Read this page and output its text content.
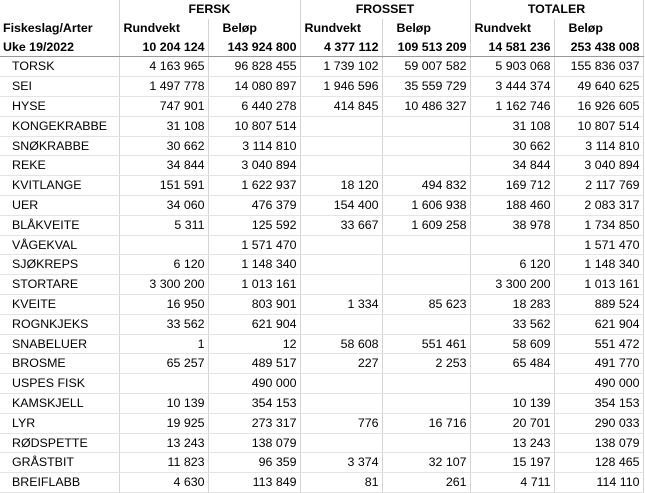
	FERSK		FROSSET		TOTALER	
Fiskeslag/Arter	Rundvekt	Beløp	Rundvekt	Beløp	Rundvekt	Beløp
Uke 19/2022	10 204 124	143 924 800	4 377 112	109 513 209	14 581 236	253 438 008
TORSK	4 163 965	96 828 455	1 739 102	59 007 582	5 903 068	155 836 037
SEI	1 497 778	14 080 897	1 946 596	35 559 729	3 444 374	49 640 625
HYSE	747 901	6 440 278	414 845	10 486 327	1 162 746	16 926 605
KONGEKRABBE	31 108	10 807 514			31 108	10 807 514
SNØKRABBE	30 662	3 114 810			30 662	3 114 810
REKE	34 844	3 040 894			34 844	3 040 894
KVITLANGE	151 591	1 622 937	18 120	494 832	169 712	2 117 769
UER	34 060	476 379	154 400	1 606 938	188 460	2 083 317
BLÅKVEITE	5 311	125 592	33 667	1 609 258	38 978	1 734 850
VÅGEKVAL		1 571 470				1 571 470
SJØKREPS	6 120	1 148 340			6 120	1 148 340
STORTARE	3 300 200	1 013 161			3 300 200	1 013 161
KVEITE	16 950	803 901	1 334	85 623	18 283	889 524
ROGNKJEKS	33 562	621 904			33 562	621 904
SNABELUER	1	12	58 608	551 461	58 609	551 472
BROSME	65 257	489 517	227	2 253	65 484	491 770
USPES FISK		490 000				490 000
KAMSKJELL	10 139	354 153			10 139	354 153
LYR	19 925	273 317	776	16 716	20 701	290 033
RØDSPETTE	13 243	138 079			13 243	138 079
GRÅSTBIT	11 823	96 359	3 374	32 107	15 197	128 465
BREIFLABB	4 630	113 849	81	261	4 711	114 110
